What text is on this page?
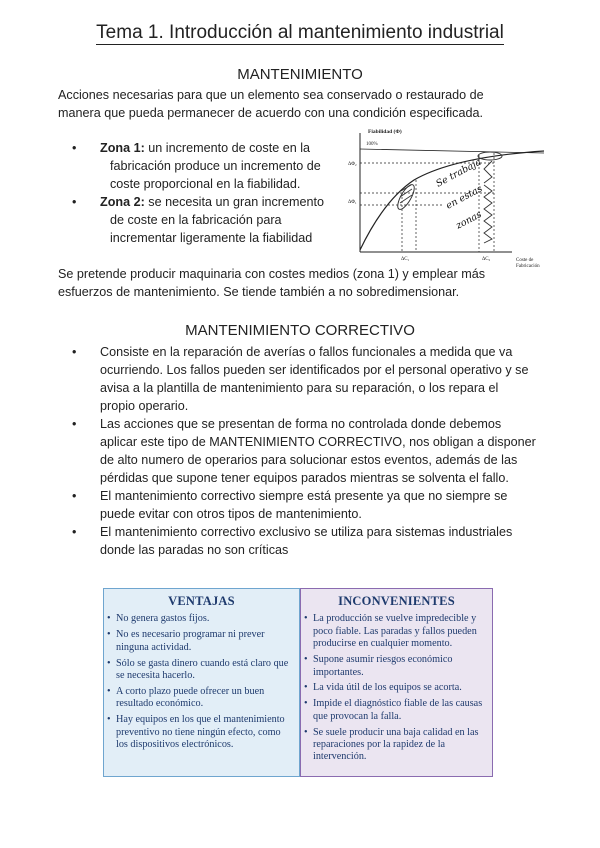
Tema 1. Introducción al mantenimiento industrial
MANTENIMIENTO

Acciones necesarias para que un elemento sea conservado o restaurado de manera que pueda permanecer de acuerdo con una condición especificada.

• Zona 1: un incremento de coste en la
fabricación produce un incremento de coste proporcional en la fiabilidad.
• Zona 2: se necesita un gran incremento
de coste en la fabricación para incrementar ligeramente la fiabilidad
Fiabilidad (Φ)
100%
ΔΦ₂
ΔΦ₁
ΔC₁	ΔC₂	Coste de
Fabricación
Se trabaja
en estas
zonas

Se pretende producir maquinaria con costes medios (zona 1) y emplear más esfuerzos de mantenimiento. Se tiende también a no sobredimensionar.

MANTENIMIENTO CORRECTIVO
• Consiste en la reparación de averías o fallos funcionales a medida que va ocurriendo. Los fallos pueden ser identificados por el personal operativo y se avisa a la plantilla de mantenimiento para su reparación, o los repara el propio operario.
• Las acciones que se presentan de forma no controlada donde debemos aplicar este tipo de MANTENIMIENTO CORRECTIVO, nos obligan a disponer de alto numero de operarios para solucionar estos eventos, además de las pérdidas que supone tener equipos parados mientras se solventa el fallo.
• El mantenimiento correctivo siempre está presente ya que no siempre se puede evitar con otros tipos de mantenimiento.
• El mantenimiento correctivo exclusivo se utiliza para sistemas industriales donde las paradas no son críticas
VENTAJAS
• No genera gastos fijos.
• No es necesario programar ni prever ninguna actividad.
• Sólo se gasta dinero cuando está claro que se necesita hacerlo.
• A corto plazo puede ofrecer un buen resultado económico.
• Hay equipos en los que el mantenimiento preventivo no tiene ningún efecto, como los dispositivos electrónicos.
INCONVENIENTES
• La producción se vuelve impredecible y poco fiable. Las paradas y fallos pueden producirse en cualquier momento.
• Supone asumir riesgos económico importantes.
• La vida útil de los equipos se acorta.
• Impide el diagnóstico fiable de las causas que provocan la falla.
• Se suele producir una baja calidad en las reparaciones por la rapidez de la intervención.
